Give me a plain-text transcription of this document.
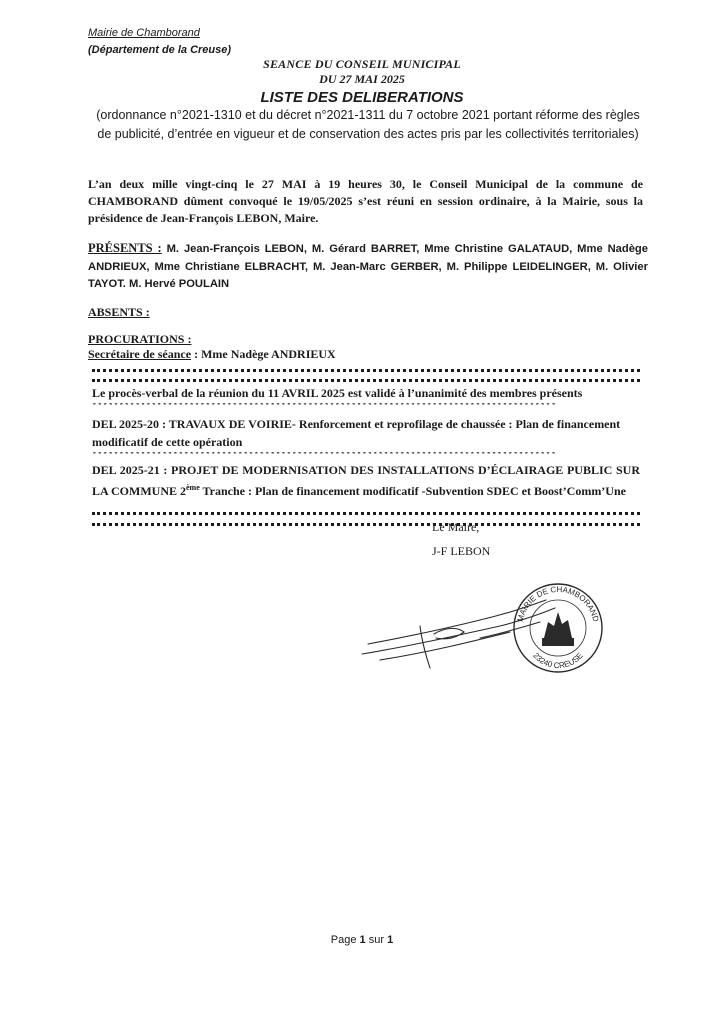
Mairie de Chamborand
(Département de la Creuse)
SEANCE DU CONSEIL MUNICIPAL
DU 27 MAI 2025
LISTE DES DELIBERATIONS
(ordonnance n°2021-1310 et du décret n°2021-1311 du 7 octobre 2021 portant réforme des règles de publicité, d’entrée en vigueur et de conservation des actes pris par les collectivités territoriales)
L’an deux mille vingt-cinq le 27 MAI à 19 heures 30, le Conseil Municipal de la commune de CHAMBORAND dûment convoqué le 19/05/2025 s’est réuni en session ordinaire, à la Mairie, sous la présidence de Jean-François LEBON, Maire.
PRÉSENTS : M. Jean-François LEBON, M. Gérard BARRET, Mme Christine GALATAUD, Mme Nadège ANDRIEUX, Mme Christiane ELBRACHT, M. Jean-Marc GERBER, M. Philippe LEIDELINGER, M. Olivier TAYOT. M. Hervé POULAIN
ABSENTS :
PROCURATIONS :
Secrétaire de séance : Mme Nadège ANDRIEUX
Le procès-verbal de la réunion du 11 AVRIL 2025 est validé à l’unanimité des membres présents
**************************************************************************************
DEL 2025-20 : TRAVAUX DE VOIRIE- Renforcement et reprofilage de chaussée : Plan de financement modificatif de cette opération
**************************************************************************************
DEL 2025-21 : PROJET DE MODERNISATION DES INSTALLATIONS D’ÉCLAIRAGE PUBLIC SUR LA COMMUNE 2ème Tranche : Plan de financement modificatif -Subvention SDEC et Boost’Comm’Une
Le Maire,
J-F LEBON
MAIRIE DE CHAMBORAND
23240 CREUSE
Page 1 sur 1
